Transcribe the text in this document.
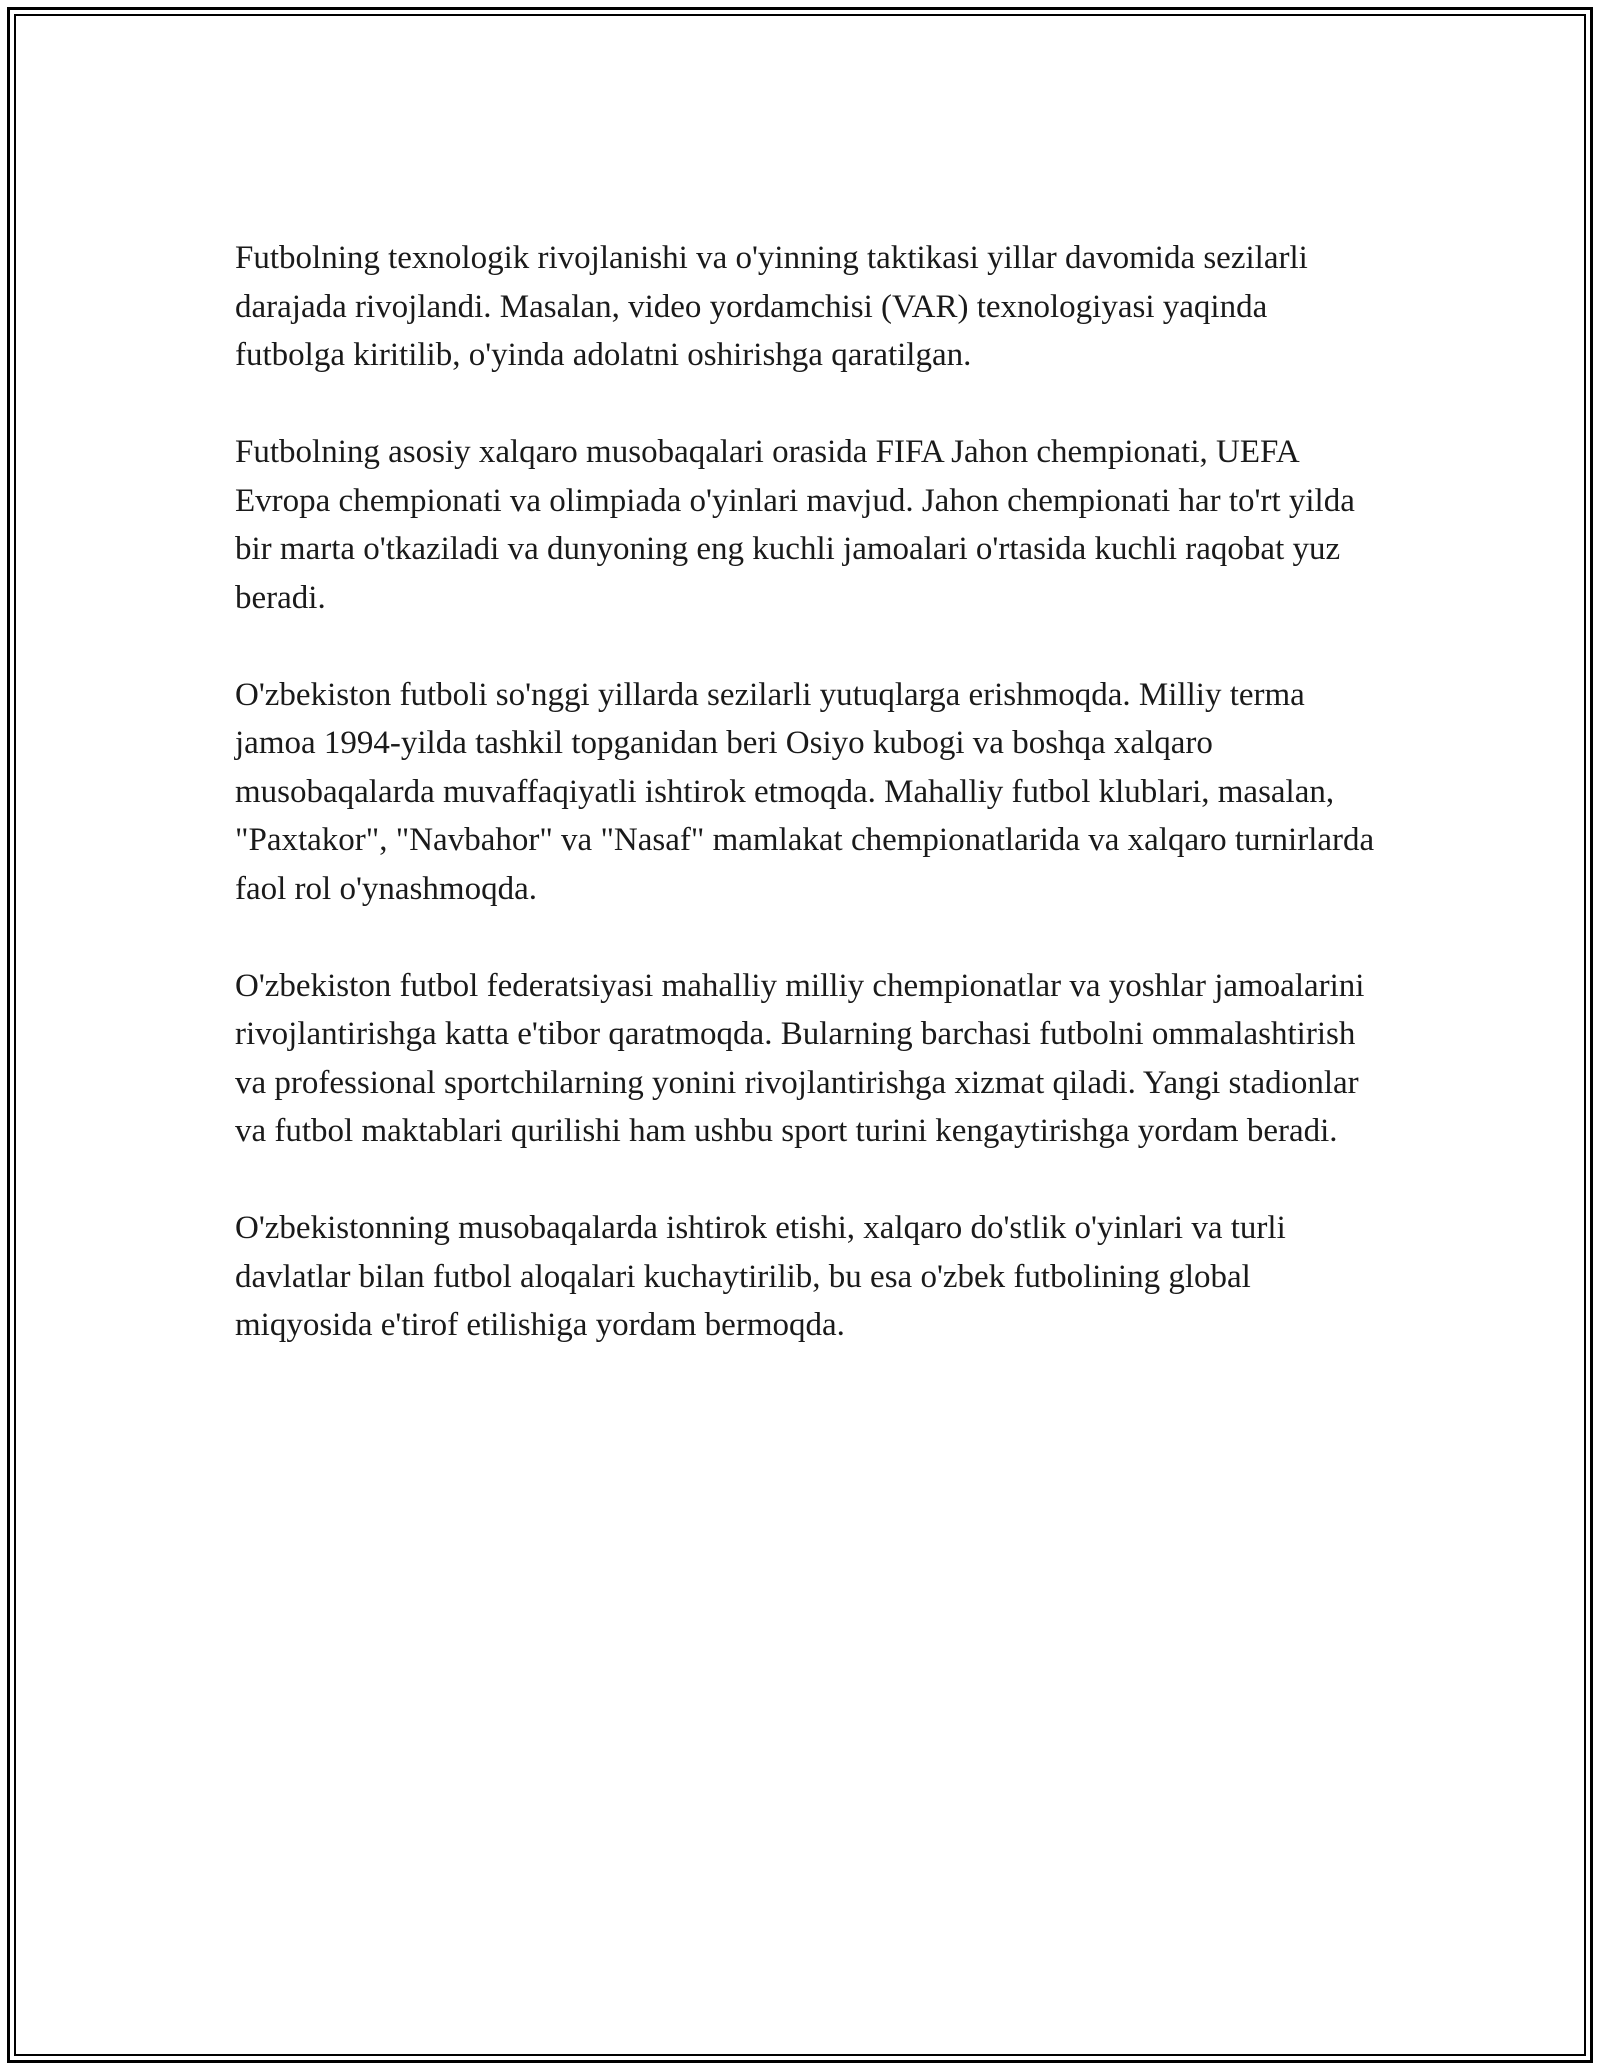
Futbolning texnologik rivojlanishi va o'yinning taktikasi yillar davomida sezilarli darajada rivojlandi. Masalan, video yordamchisi (VAR) texnologiyasi yaqinda futbolga kiritilib, o'yinda adolatni oshirishga qaratilgan.

Futbolning asosiy xalqaro musobaqalari orasida FIFA Jahon chempionati, UEFA Evropa chempionati va olimpiada o'yinlari mavjud. Jahon chempionati har to'rt yilda bir marta o'tkaziladi va dunyoning eng kuchli jamoalari o'rtasida kuchli raqobat yuz beradi.

O'zbekiston futboli so'nggi yillarda sezilarli yutuqlarga erishmoqda. Milliy terma jamoa 1994-yilda tashkil topganidan beri Osiyo kubogi va boshqa xalqaro musobaqalarda muvaffaqiyatli ishtirok etmoqda. Mahalliy futbol klublari, masalan, "Paxtakor", "Navbahor" va "Nasaf" mamlakat chempionatlarida va xalqaro turnirlarda faol rol o'ynashmoqda.

O'zbekiston futbol federatsiyasi mahalliy milliy chempionatlar va yoshlar jamoalarini rivojlantirishga katta e'tibor qaratmoqda. Bularning barchasi futbolni ommalashtirish va professional sportchilarning yonini rivojlantirishga xizmat qiladi. Yangi stadionlar va futbol maktablari qurilishi ham ushbu sport turini kengaytirishga yordam beradi.

O'zbekistonning musobaqalarda ishtirok etishi, xalqaro do'stlik o'yinlari va turli davlatlar bilan futbol aloqalari kuchaytirilib, bu esa o'zbek futbolining global miqyosida e'tirof etilishiga yordam bermoqda.
